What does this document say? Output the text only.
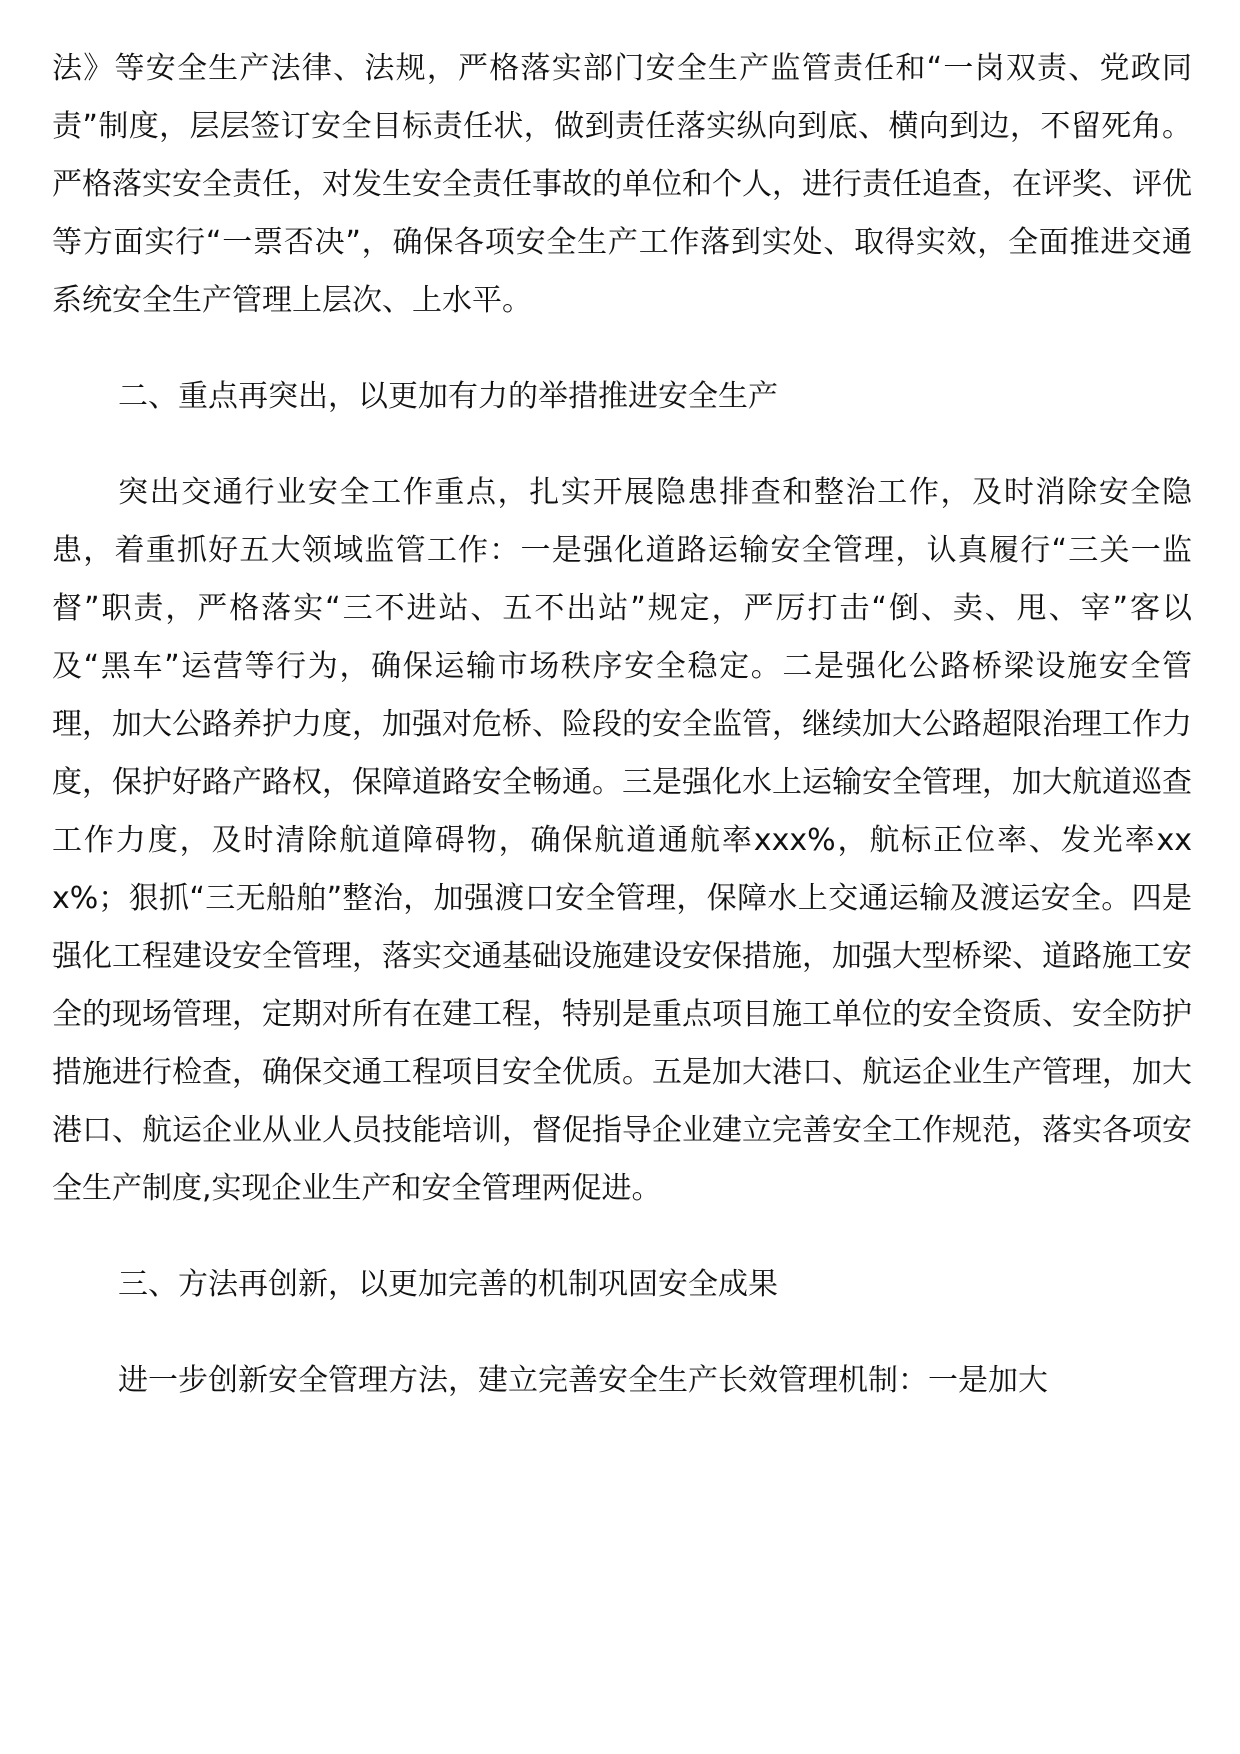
法》等安全生产法律、法规，严格落实部门安全生产监管责任和“一岗双责、党政同责”制度，层层签订安全目标责任状，做到责任落实纵向到底、横向到边，不留死角。严格落实安全责任，对发生安全责任事故的单位和个人，进行责任追查，在评奖、评优等方面实行“一票否决”，确保各项安全生产工作落到实处、取得实效，全面推进交通系统安全生产管理上层次、上水平。

二、重点再突出，以更加有力的举措推进安全生产

突出交通行业安全工作重点，扎实开展隐患排查和整治工作，及时消除安全隐患，着重抓好五大领域监管工作：一是强化道路运输安全管理，认真履行“三关一监督”职责，严格落实“三不进站、五不出站”规定，严厉打击“倒、卖、甩、宰”客以及“黑车”运营等行为，确保运输市场秩序安全稳定。二是强化公路桥梁设施安全管理，加大公路养护力度，加强对危桥、险段的安全监管，继续加大公路超限治理工作力度，保护好路产路权，保障道路安全畅通。三是强化水上运输安全管理，加大航道巡查工作力度，及时清除航道障碍物，确保航道通航率xxx%，航标正位率、发光率xxx%；狠抓“三无船舶”整治，加强渡口安全管理，保障水上交通运输及渡运安全。四是强化工程建设安全管理，落实交通基础设施建设安保措施，加强大型桥梁、道路施工安全的现场管理，定期对所有在建工程，特别是重点项目施工单位的安全资质、安全防护措施进行检查，确保交通工程项目安全优质。五是加大港口、航运企业生产管理，加大港口、航运企业从业人员技能培训，督促指导企业建立完善安全工作规范，落实各项安全生产制度,实现企业生产和安全管理两促进。

三、方法再创新，以更加完善的机制巩固安全成果

进一步创新安全管理方法，建立完善安全生产长效管理机制：一是加大
